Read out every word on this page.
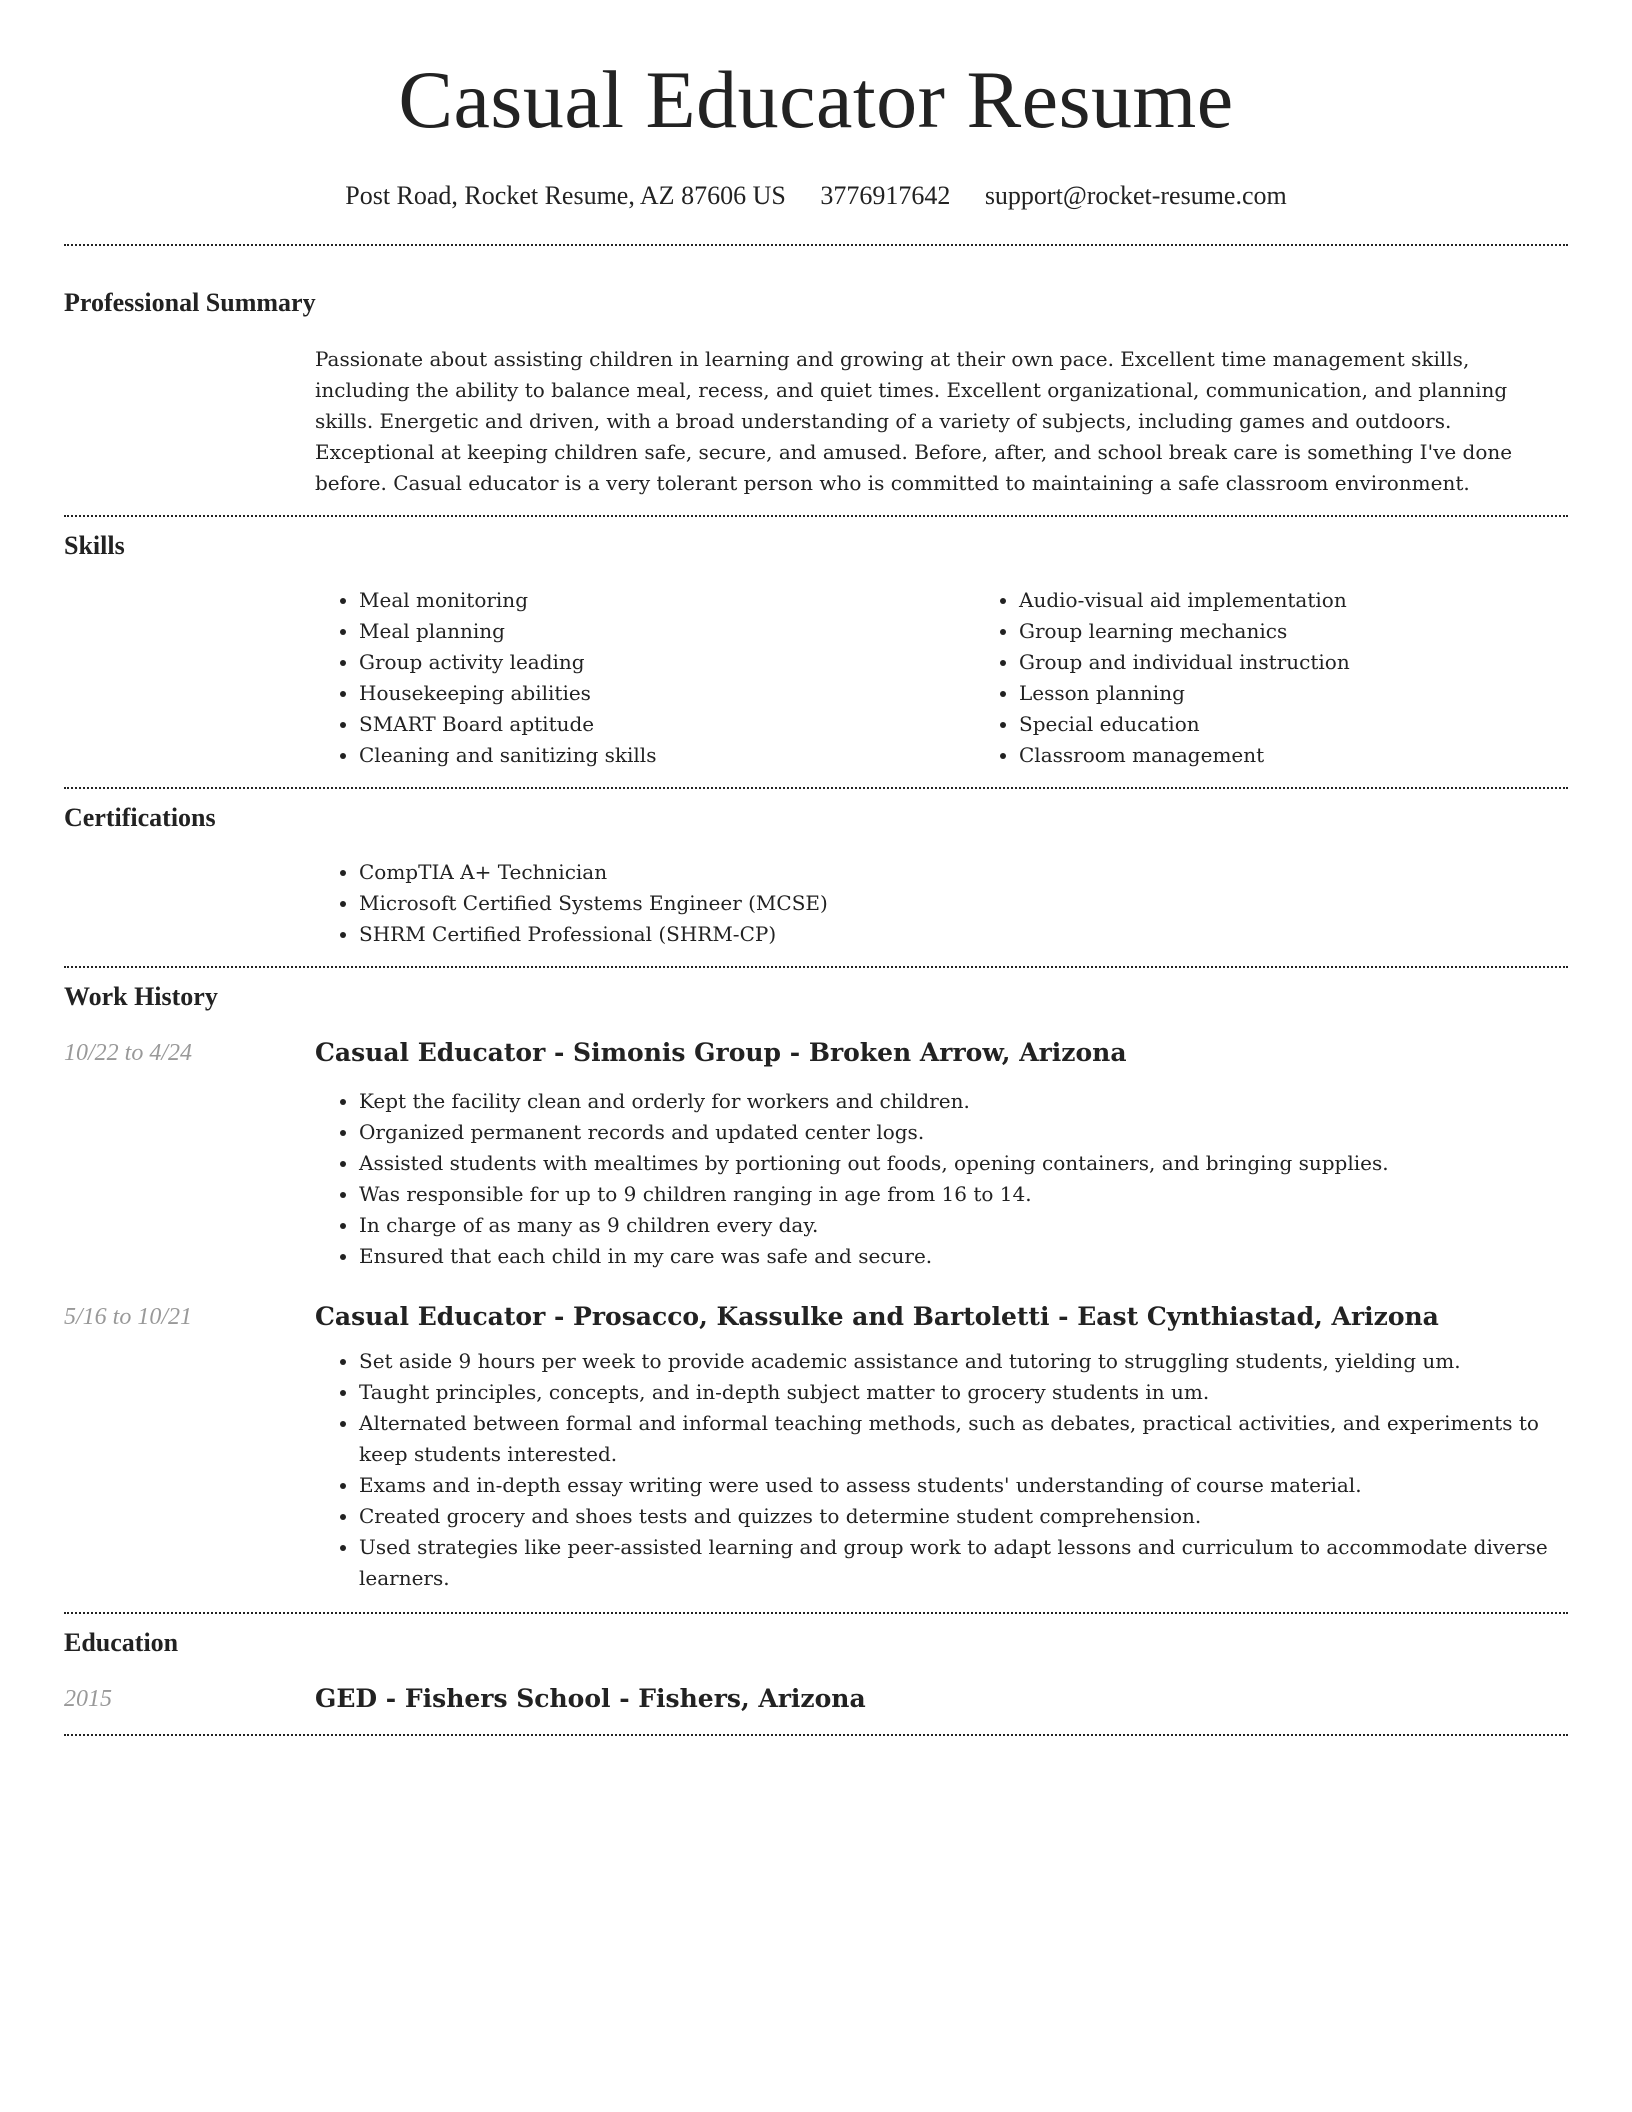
Casual Educator Resume
Post Road, Rocket Resume, AZ 87606 US 3776917642 support@rocket-resume.com
Professional Summary

Passionate about assisting children in learning and growing at their own pace. Excellent time management skills, including the ability to balance meal, recess, and quiet times. Excellent organizational, communication, and planning skills. Energetic and driven, with a broad understanding of a variety of subjects, including games and outdoors. Exceptional at keeping children safe, secure, and amused. Before, after, and school break care is something I've done before. Casual educator is a very tolerant person who is committed to maintaining a safe classroom environment.

Skills
• Meal monitoring
• Meal planning
• Group activity leading
• Housekeeping abilities
• SMART Board aptitude
• Cleaning and sanitizing skills
• Audio-visual aid implementation
• Group learning mechanics
• Group and individual instruction
• Lesson planning
• Special education
• Classroom management
Certifications
• CompTIA A+ Technician
• Microsoft Certified Systems Engineer (MCSE)
• SHRM Certified Professional (SHRM-CP)
Work History
10/22 to 4/24	Casual Educator - Simonis Group - Broken Arrow, Arizona
• Kept the facility clean and orderly for workers and children.
• Organized permanent records and updated center logs.
• Assisted students with mealtimes by portioning out foods, opening containers, and bringing supplies.
• Was responsible for up to 9 children ranging in age from 16 to 14.
• In charge of as many as 9 children every day.
• Ensured that each child in my care was safe and secure.
5/16 to 10/21	Casual Educator - Prosacco, Kassulke and Bartoletti - East Cynthiastad, Arizona
• Set aside 9 hours per week to provide academic assistance and tutoring to struggling students, yielding um.
• Taught principles, concepts, and in-depth subject matter to grocery students in um.
• Alternated between formal and informal teaching methods, such as debates, practical activities, and experiments to keep students interested.
• Exams and in-depth essay writing were used to assess students' understanding of course material.
• Created grocery and shoes tests and quizzes to determine student comprehension.
• Used strategies like peer-assisted learning and group work to adapt lessons and curriculum to accommodate diverse learners.
Education
2015	GED - Fishers School - Fishers, Arizona
